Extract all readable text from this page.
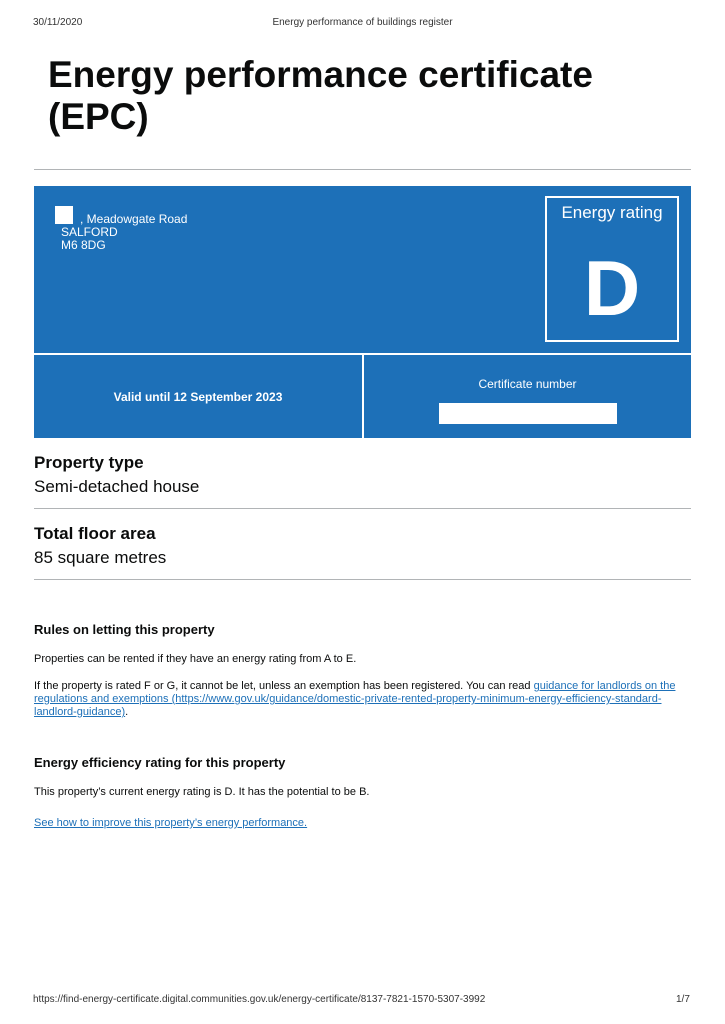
30/11/2020	Energy performance of buildings register
Energy performance certificate (EPC)
, Meadowgate Road
SALFORD
M6 8DG
Energy rating
D
Valid until 12 September 2023
Certificate number
Property type
Semi-detached house
Total floor area
85 square metres
Rules on letting this property
Properties can be rented if they have an energy rating from A to E.
If the property is rated F or G, it cannot be let, unless an exemption has been registered. You can read guidance for landlords on the regulations and exemptions (https://www.gov.uk/guidance/domestic-private-rented-property-minimum-energy-efficiency-standard-landlord-guidance).
Energy efficiency rating for this property
This property’s current energy rating is D. It has the potential to be B.
See how to improve this property’s energy performance.
https://find-energy-certificate.digital.communities.gov.uk/energy-certificate/8137-7821-1570-5307-3992	1/7
